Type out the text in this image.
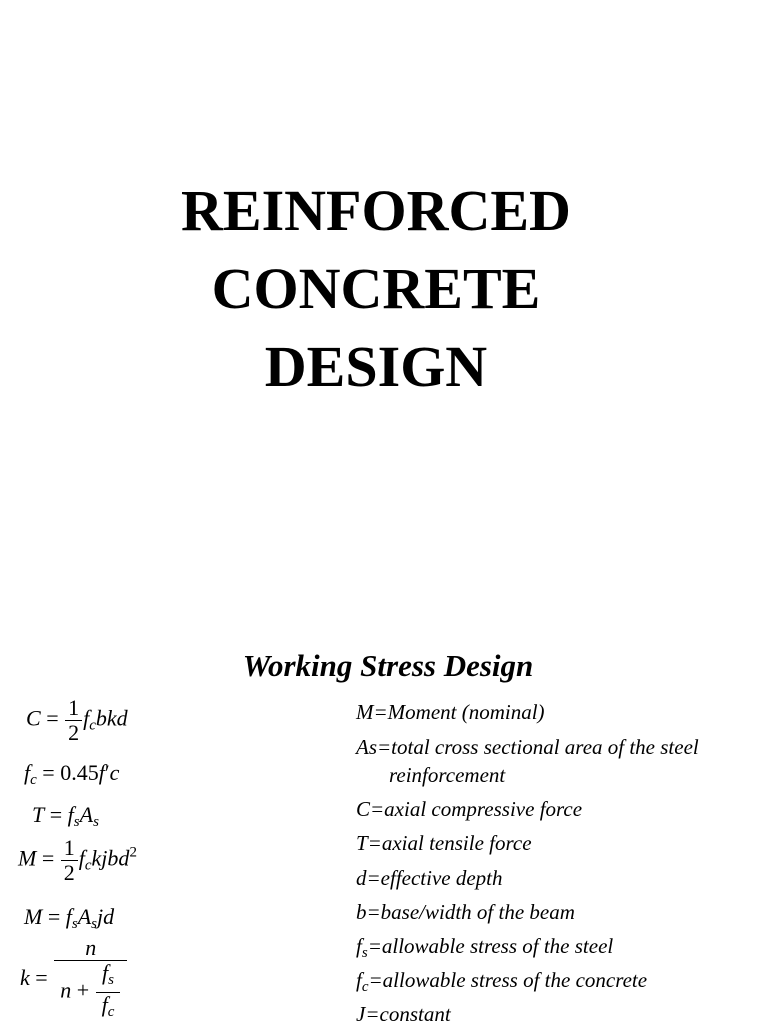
REINFORCED
CONCRETE
DESIGN
Working Stress Design
$C = \frac{1}{2} f_cbkd$
$f_c = 0.45f'c$
$T = f_sA_s$
$M = \frac{1}{2}$ $f_ckjbd^2$
$M = f_sA_sjd$
$k = \frac{n}{n + \frac{f_s}{f_c}}$
M=Moment (nominal)
As=total cross sectional area of the steel
reinforcement
C=axial compressive force
T=axial tensile force
d=effective depth
b=base/width of the beam
$f_s=allowable$ stress of the steel
$f_c=allowable$ stress of the concrete
J=constant
